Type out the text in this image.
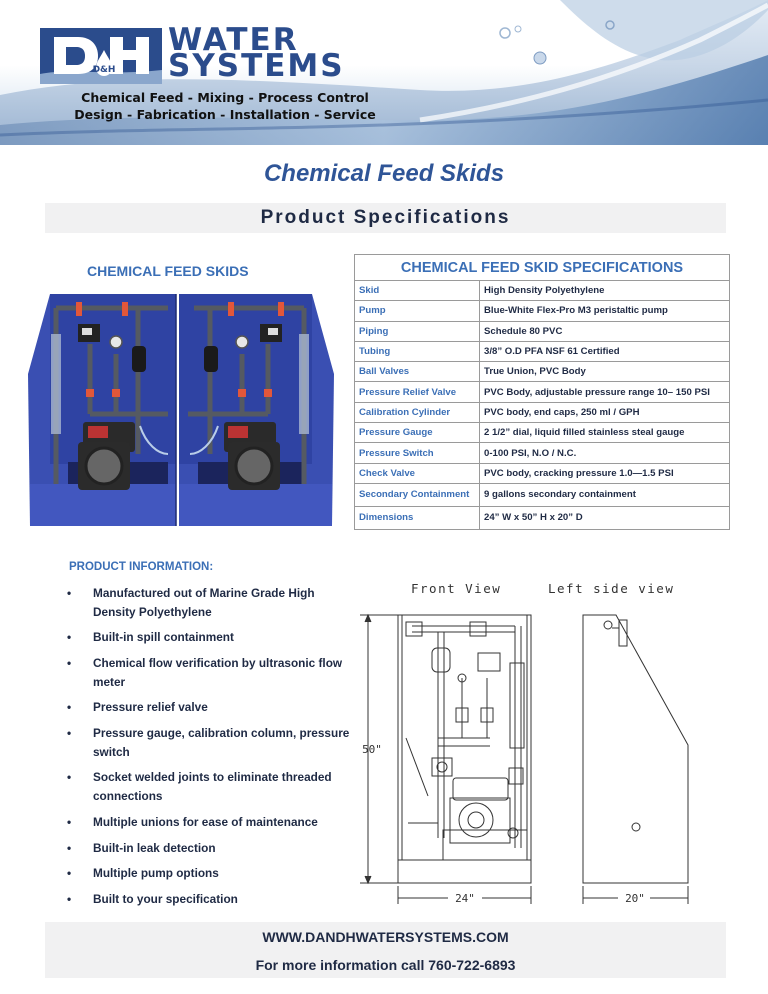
D&H
WATER
SYSTEMS
Chemical Feed - Mixing - Process Control
Design - Fabrication - Installation - Service
Chemical Feed Skids
Product Specifications
CHEMICAL FEED SKIDS	CHEMICAL FEED SKID SPECIFICATIONS	
Skid	High Density Polyethylene
Pump	Blue-White Flex-Pro M3 peristaltic pump
Piping	Schedule 80 PVC
Tubing	3/8” O.D PFA NSF 61 Certified
Ball Valves	True Union, PVC Body
Pressure Relief Valve	PVC Body, adjustable pressure range 10– 150 PSI
Calibration Cylinder	PVC body, end caps, 250 ml / GPH
Pressure Gauge	2 1/2” dial, liquid filled stainless steal gauge
Pressure Switch	0-100 PSI, N.O / N.C.
Check Valve	PVC body, cracking pressure 1.0—1.5 PSI
Secondary Containment	9 gallons secondary containment
Dimensions	24” W x 50” H x 20” D
PRODUCT INFORMATION:
• Manufactured out of Marine Grade High Density Polyethylene
• Built-in spill containment
• Chemical flow verification by ultrasonic flow meter
• Pressure relief valve
• Pressure gauge, calibration column, pressure switch
• Socket welded joints to eliminate threaded connections
• Multiple unions for ease of maintenance
• Built-in leak detection
• Multiple pump options
• Built to your specification
Front View	Left side view
50"
24"	20"
WWW.DANDHWATERSYSTEMS.COM
For more information call 760-722-6893
